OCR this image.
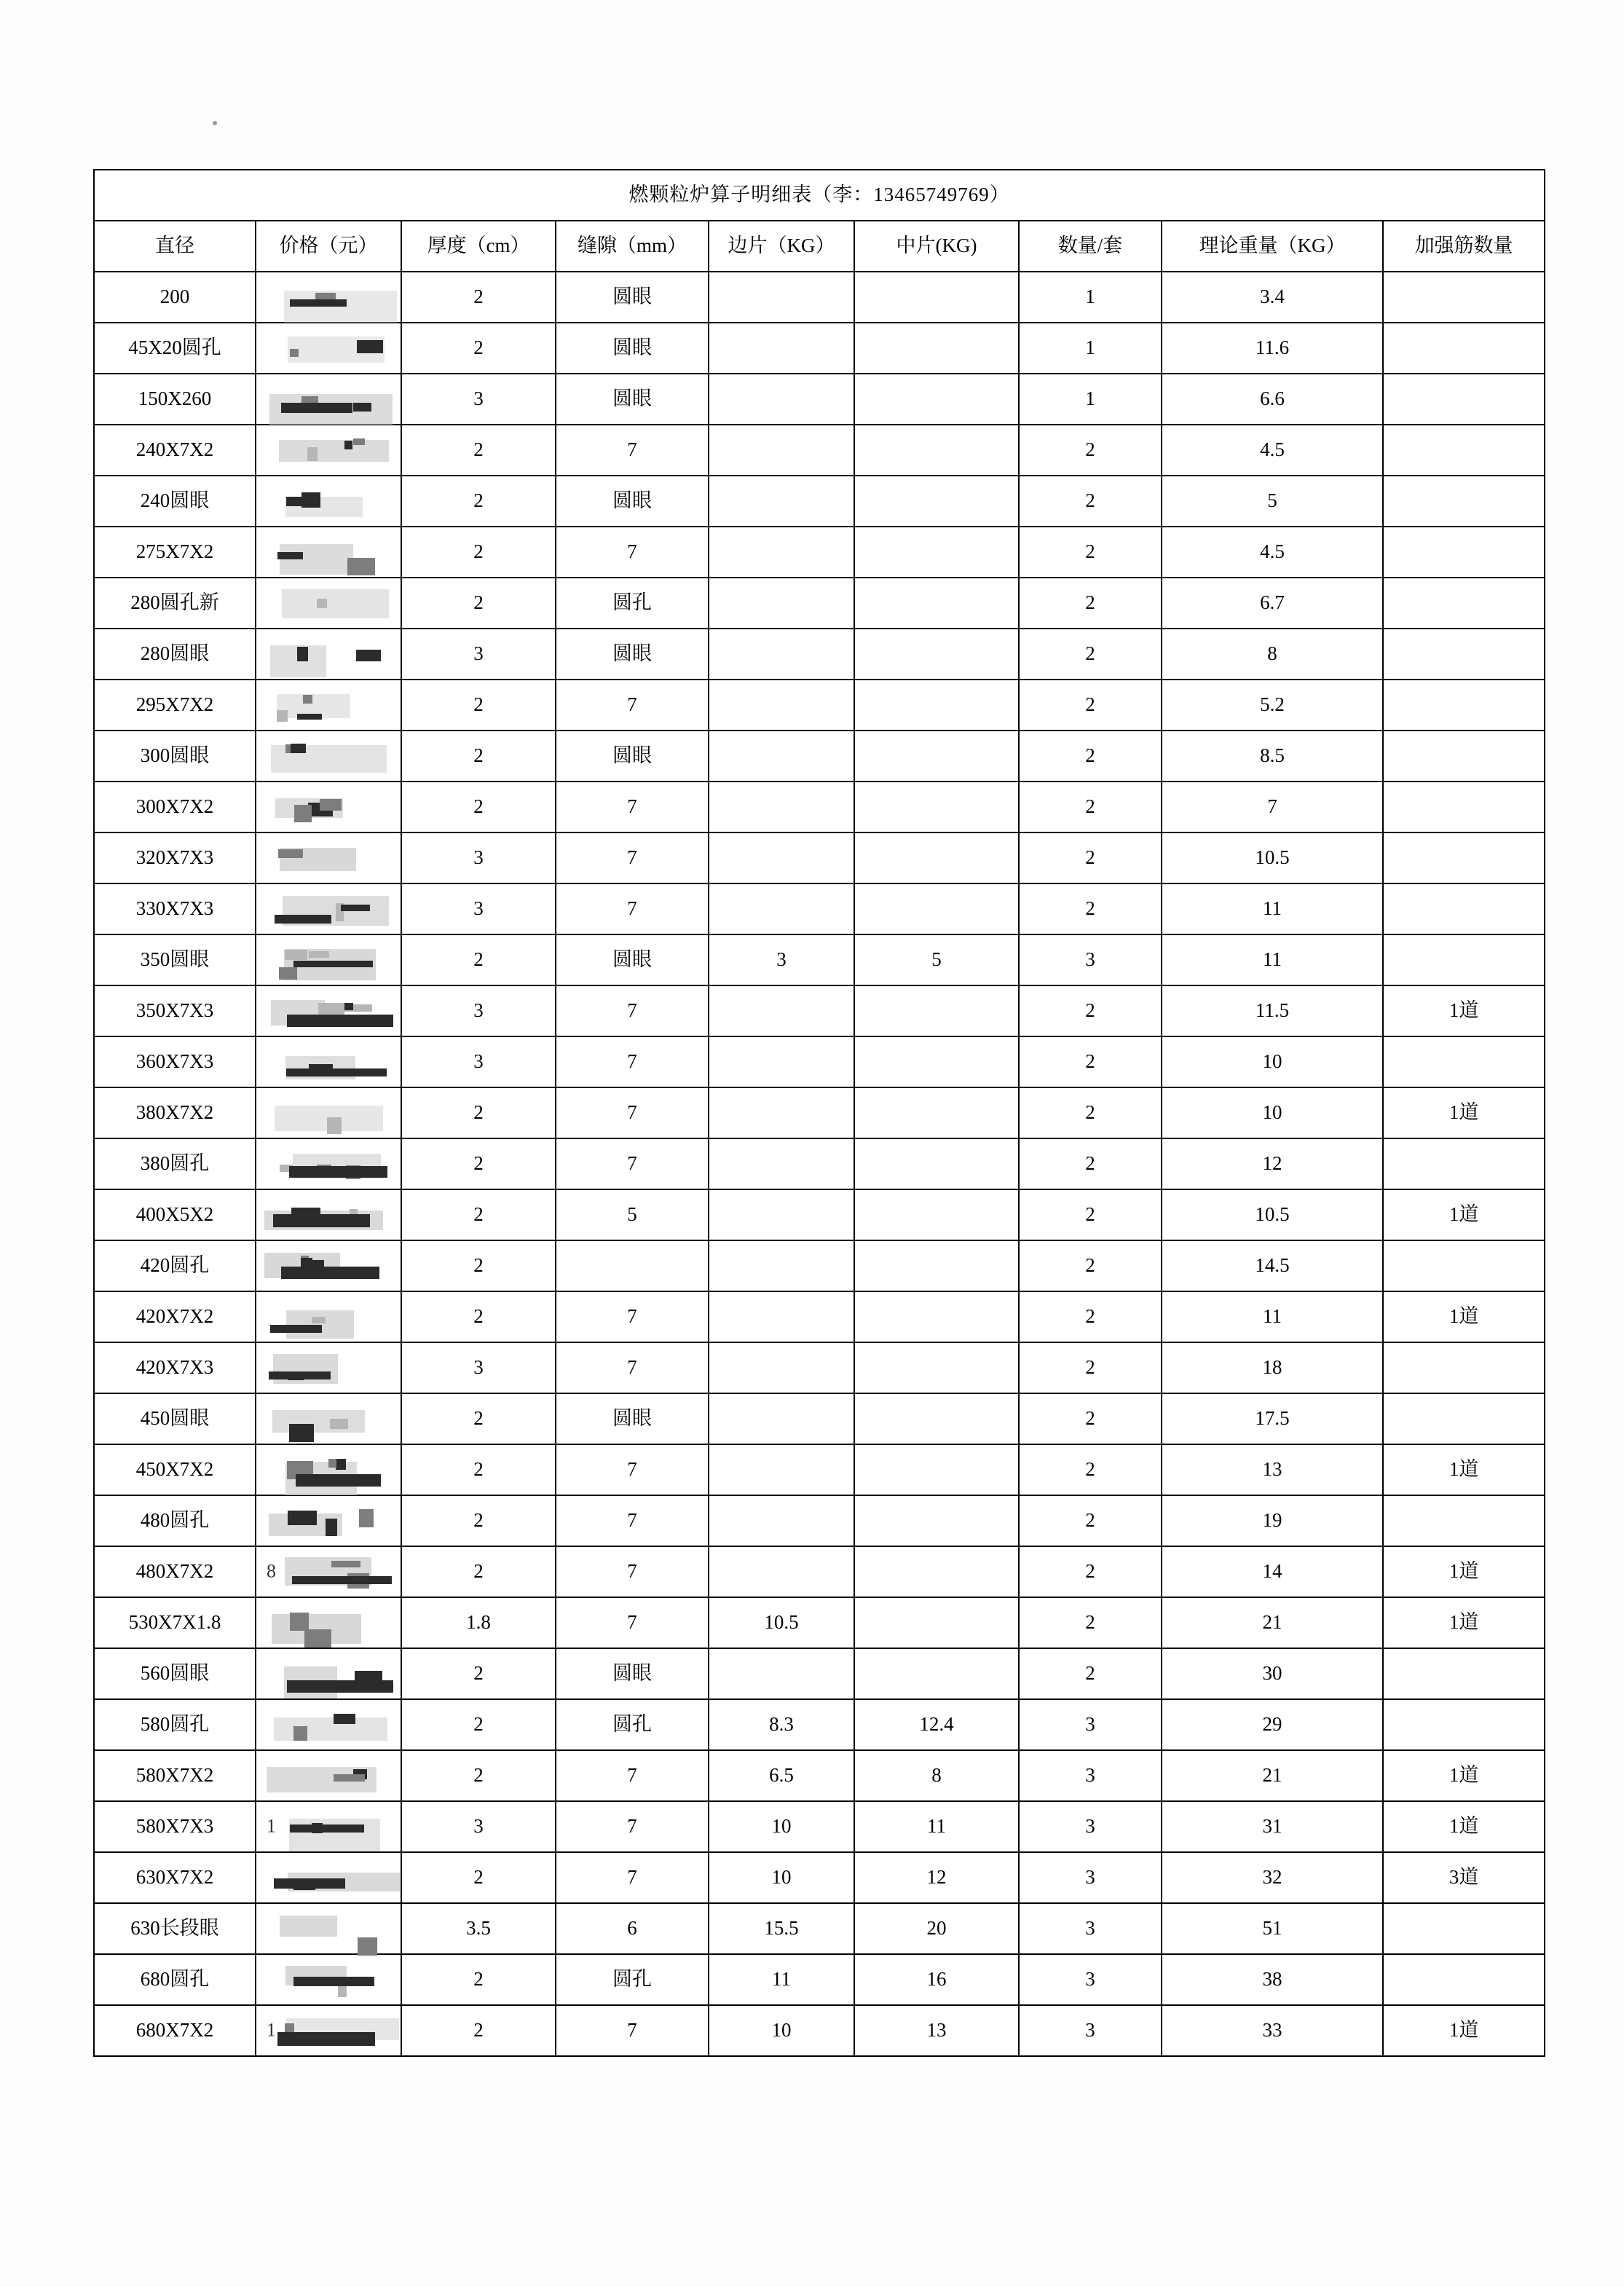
燃颗粒炉算子明细表（李：13465749769）								
直径	价格（元）	厚度（cm）	缝隙（mm）	边片（KG）	中片(KG)	数量/套	理论重量（KG）	加强筋数量
200		2	圆眼			1	3.4	
45X20圆孔		2	圆眼			1	11.6	
150X260		3	圆眼			1	6.6	
240X7X2		2	7			2	4.5	
240圆眼		2	圆眼			2	5	
275X7X2		2	7			2	4.5	
280圆孔新		2	圆孔			2	6.7	
280圆眼		3	圆眼			2	8	
295X7X2		2	7			2	5.2	
300圆眼		2	圆眼			2	8.5	
300X7X2		2	7			2	7	
320X7X3		3	7			2	10.5	
330X7X3		3	7			2	11	
350圆眼		2	圆眼	3	5	3	11	
350X7X3		3	7			2	11.5	1道
360X7X3		3	7			2	10	
380X7X2		2	7			2	10	1道
380圆孔		2	7			2	12	
400X5X2		2	5			2	10.5	1道
420圆孔		2				2	14.5	
420X7X2		2	7			2	11	1道
420X7X3		3	7			2	18	
450圆眼		2	圆眼			2	17.5	
450X7X2		2	7			2	13	1道
480圆孔		2	7			2	19	
480X7X2	8	2	7			2	14	1道
530X7X1.8		1.8	7	10.5		2	21	1道
560圆眼		2	圆眼			2	30	
580圆孔		2	圆孔	8.3	12.4	3	29	
580X7X2		2	7	6.5	8	3	21	1道
580X7X3	1	3	7	10	11	3	31	1道
630X7X2		2	7	10	12	3	32	3道
630长段眼		3.5	6	15.5	20	3	51	
680圆孔		2	圆孔	11	16	3	38	
680X7X2	1	2	7	10	13	3	33	1道
